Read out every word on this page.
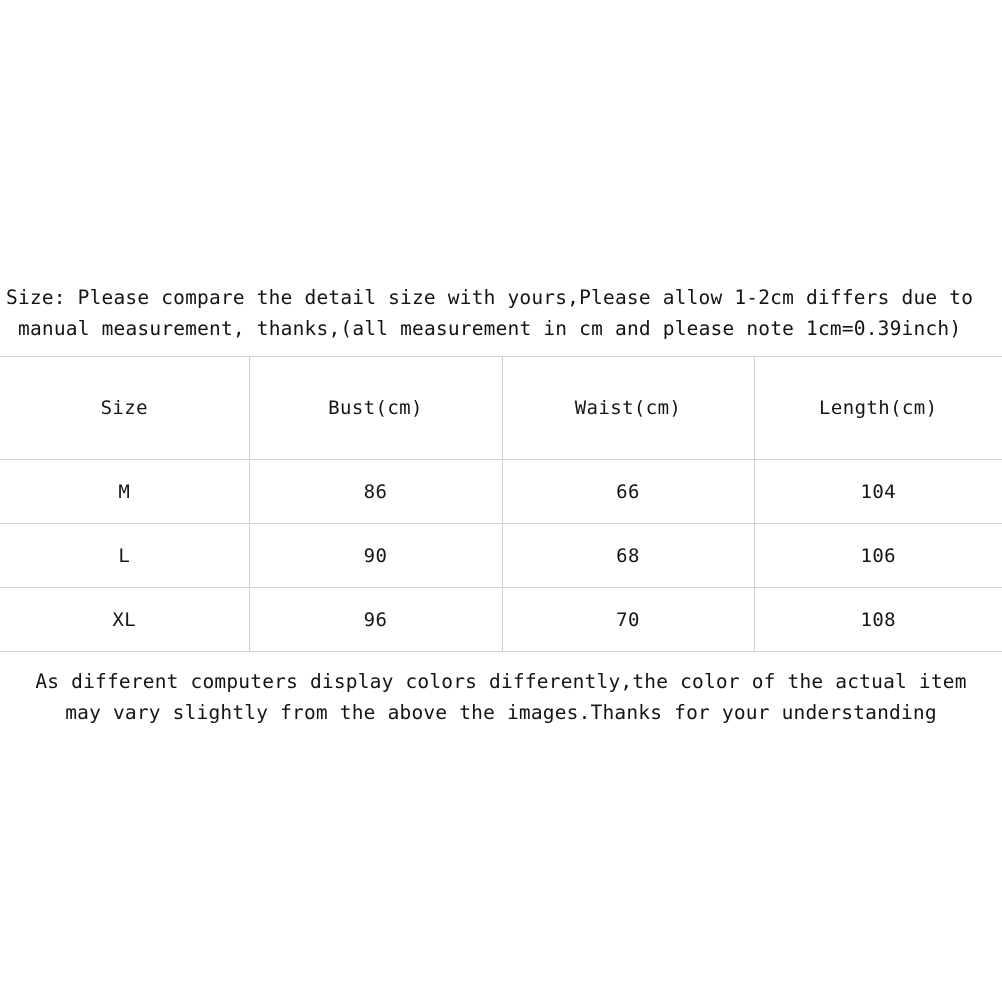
Size: Please compare the detail size with yours,Please allow 1-2cm differs due to
manual measurement, thanks,(all measurement in cm and please note 1cm=0.39inch)
Size	Bust(cm)	Waist(cm)	Length(cm)
M	86	66	104
L	90	68	106
XL	96	70	108
As different computers display colors differently,the color of the actual item
may vary slightly from the above the images.Thanks for your understanding
